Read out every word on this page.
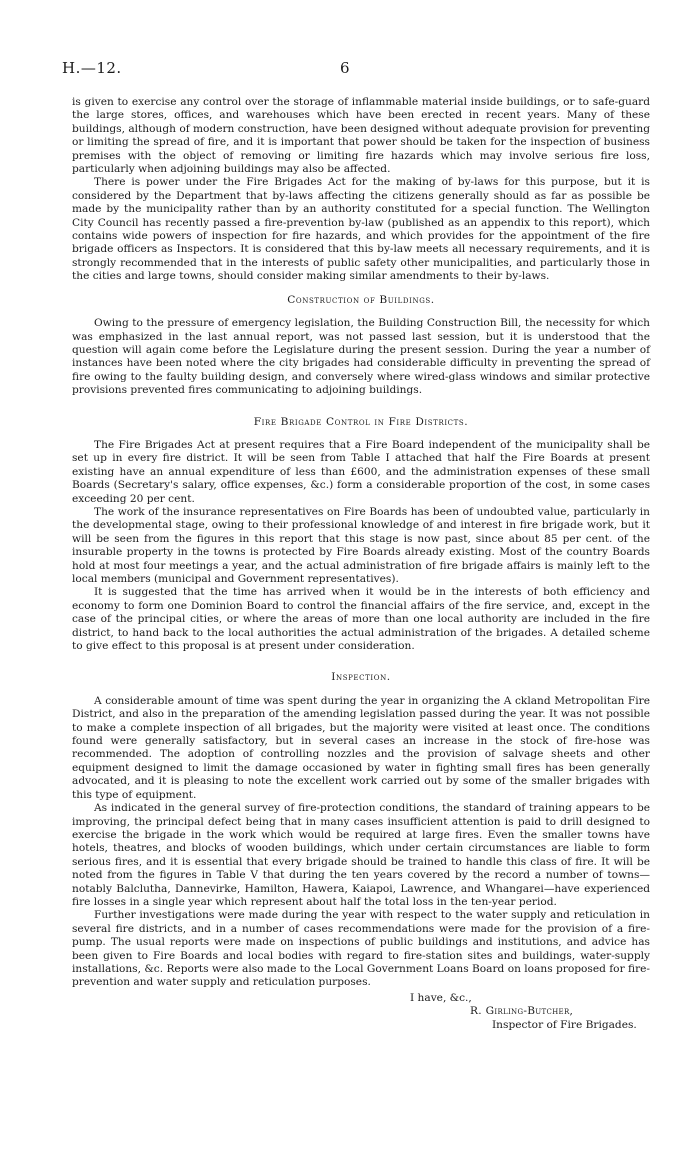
H.—12.	6

is given to exercise any control over the storage of inflammable material inside buildings, or to safe-guard the large stores, offices, and warehouses which have been erected in recent years. Many of these buildings, although of modern construction, have been designed without adequate provision for preventing or limiting the spread of fire, and it is important that power should be taken for the inspection of business premises with the object of removing or limiting fire hazards which may involve serious fire loss, particularly when adjoining buildings may also be affected.

There is power under the Fire Brigades Act for the making of by-laws for this purpose, but it is considered by the Department that by-laws affecting the citizens generally should as far as possible be made by the municipality rather than by an authority constituted for a special function. The Wellington City Council has recently passed a fire-prevention by-law (published as an appendix to this report), which contains wide powers of inspection for fire hazards, and which provides for the appointment of the fire brigade officers as Inspectors. It is considered that this by-law meets all necessary requirements, and it is strongly recommended that in the interests of public safety other municipalities, and particularly those in the cities and large towns, should consider making similar amendments to their by-laws.

Construction of Buildings.

Owing to the pressure of emergency legislation, the Building Construction Bill, the necessity for which was emphasized in the last annual report, was not passed last session, but it is understood that the question will again come before the Legislature during the present session. During the year a number of instances have been noted where the city brigades had considerable difficulty in preventing the spread of fire owing to the faulty building design, and conversely where wired-glass windows and similar protective provisions prevented fires communicating to adjoining buildings.

Fire Brigade Control in Fire Districts.

The Fire Brigades Act at present requires that a Fire Board independent of the municipality shall be set up in every fire district. It will be seen from Table I attached that half the Fire Boards at present existing have an annual expenditure of less than £600, and the administration expenses of these small Boards (Secretary's salary, office expenses, &c.) form a considerable proportion of the cost, in some cases exceeding 20 per cent.

The work of the insurance representatives on Fire Boards has been of undoubted value, particularly in the developmental stage, owing to their professional knowledge of and interest in fire brigade work, but it will be seen from the figures in this report that this stage is now past, since about 85 per cent. of the insurable property in the towns is protected by Fire Boards already existing. Most of the country Boards hold at most four meetings a year, and the actual administration of fire brigade affairs is mainly left to the local members (municipal and Government representatives).

It is suggested that the time has arrived when it would be in the interests of both efficiency and economy to form one Dominion Board to control the financial affairs of the fire service, and, except in the case of the principal cities, or where the areas of more than one local authority are included in the fire district, to hand back to the local authorities the actual administration of the brigades. A detailed scheme to give effect to this proposal is at present under consideration.

Inspection.

A considerable amount of time was spent during the year in organizing the A ckland Metropolitan Fire District, and also in the preparation of the amending legislation passed during the year. It was not possible to make a complete inspection of all brigades, but the majority were visited at least once. The conditions found were generally satisfactory, but in several cases an increase in the stock of fire-hose was recommended. The adoption of controlling nozzles and the provision of salvage sheets and other equipment designed to limit the damage occasioned by water in fighting small fires has been generally advocated, and it is pleasing to note the excellent work carried out by some of the smaller brigades with this type of equipment.

As indicated in the general survey of fire-protection conditions, the standard of training appears to be improving, the principal defect being that in many cases insufficient attention is paid to drill designed to exercise the brigade in the work which would be required at large fires. Even the smaller towns have hotels, theatres, and blocks of wooden buildings, which under certain circumstances are liable to form serious fires, and it is essential that every brigade should be trained to handle this class of fire. It will be noted from the figures in Table V that during the ten years covered by the record a number of towns—notably Balclutha, Dannevirke, Hamilton, Hawera, Kaiapoi, Lawrence, and Whangarei—have experienced fire losses in a single year which represent about half the total loss in the ten-year period.

Further investigations were made during the year with respect to the water supply and reticulation in several fire districts, and in a number of cases recommendations were made for the provision of a fire-pump. The usual reports were made on inspections of public buildings and institutions, and advice has been given to Fire Boards and local bodies with regard to fire-station sites and buildings, water-supply installations, &c. Reports were also made to the Local Government Loans Board on loans proposed for fire-prevention and water supply and reticulation purposes.

I have, &c.,
R. Girling-Butcher,
Inspector of Fire Brigades.
